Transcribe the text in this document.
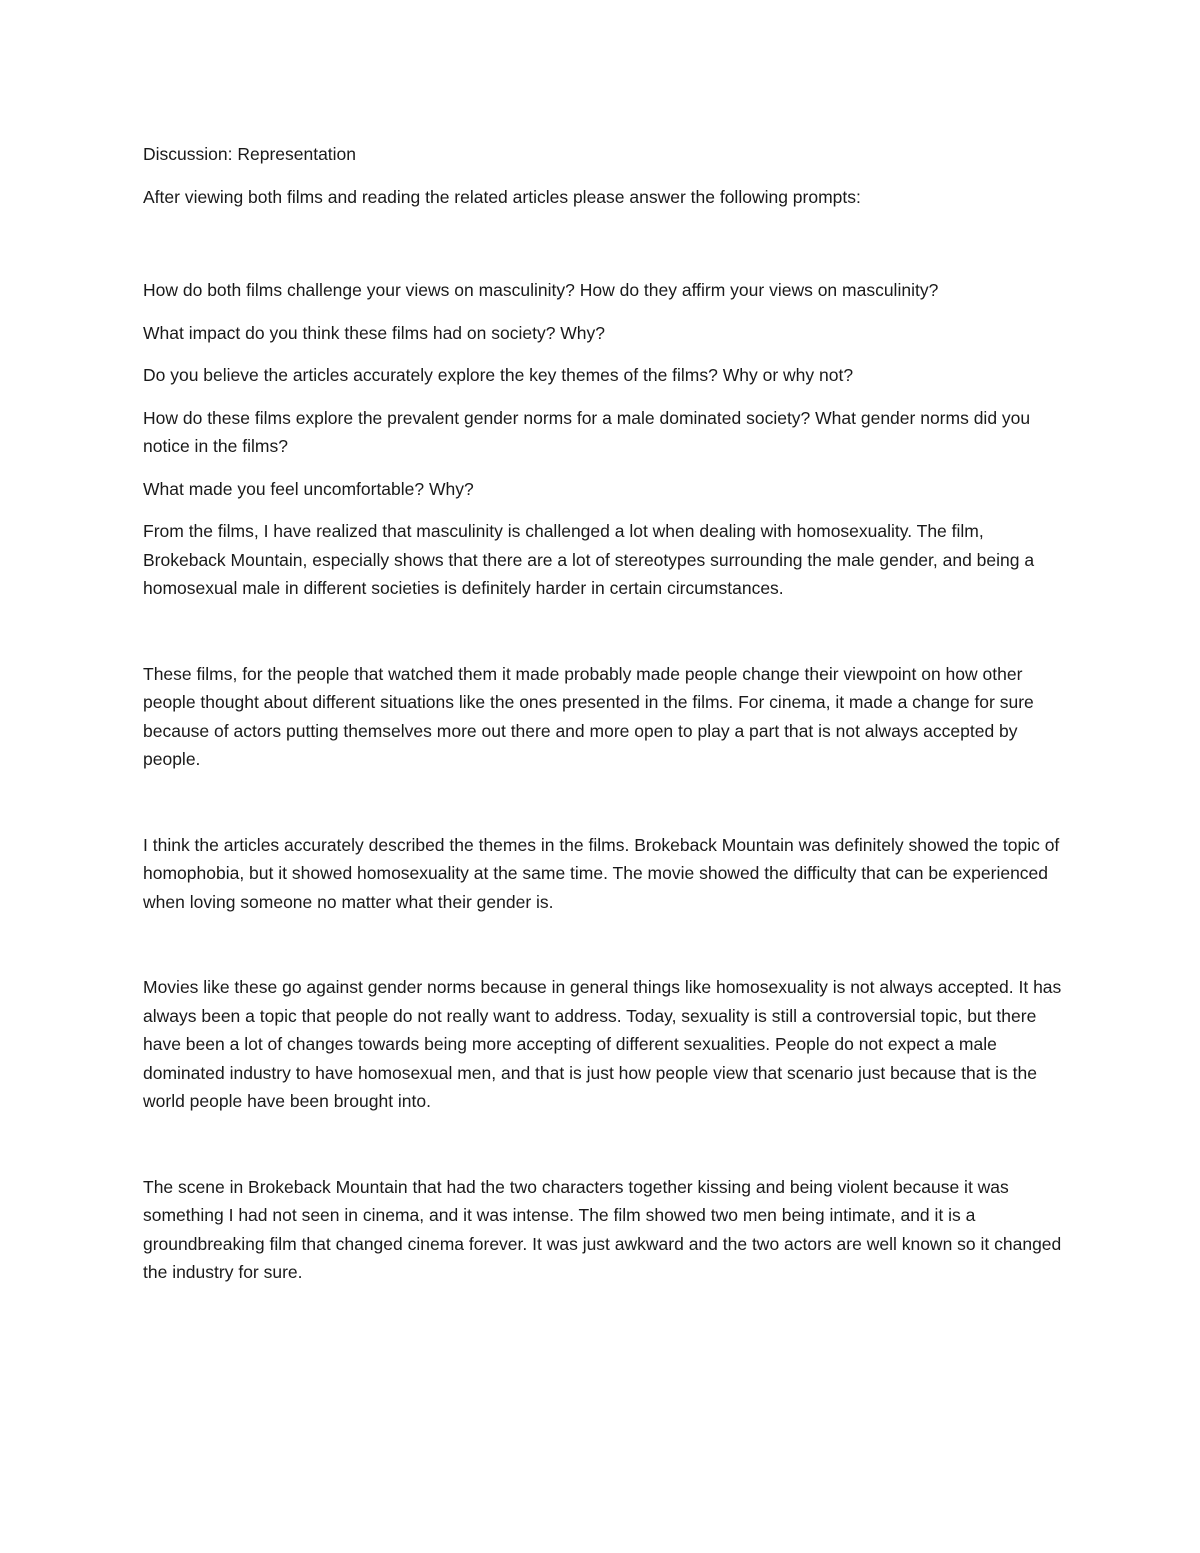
Discussion: Representation

After viewing both films and reading the related articles please answer the following prompts:

How do both films challenge your views on masculinity? How do they affirm your views on masculinity?

What impact do you think these films had on society? Why?

Do you believe the articles accurately explore the key themes of the films? Why or why not?

How do these films explore the prevalent gender norms for a male dominated society? What gender norms did you notice in the films?

What made you feel uncomfortable? Why?

From the films, I have realized that masculinity is challenged a lot when dealing with homosexuality. The film, Brokeback Mountain, especially shows that there are a lot of stereotypes surrounding the male gender, and being a homosexual male in different societies is definitely harder in certain circumstances.

These films, for the people that watched them it made probably made people change their viewpoint on how other people thought about different situations like the ones presented in the films. For cinema, it made a change for sure because of actors putting themselves more out there and more open to play a part that is not always accepted by people.

I think the articles accurately described the themes in the films. Brokeback Mountain was definitely showed the topic of homophobia, but it showed homosexuality at the same time. The movie showed the difficulty that can be experienced when loving someone no matter what their gender is.

Movies like these go against gender norms because in general things like homosexuality is not always accepted. It has always been a topic that people do not really want to address. Today, sexuality is still a controversial topic, but there have been a lot of changes towards being more accepting of different sexualities. People do not expect a male dominated industry to have homosexual men, and that is just how people view that scenario just because that is the world people have been brought into.

The scene in Brokeback Mountain that had the two characters together kissing and being violent because it was something I had not seen in cinema, and it was intense. The film showed two men being intimate, and it is a groundbreaking film that changed cinema forever. It was just awkward and the two actors are well known so it changed the industry for sure.
